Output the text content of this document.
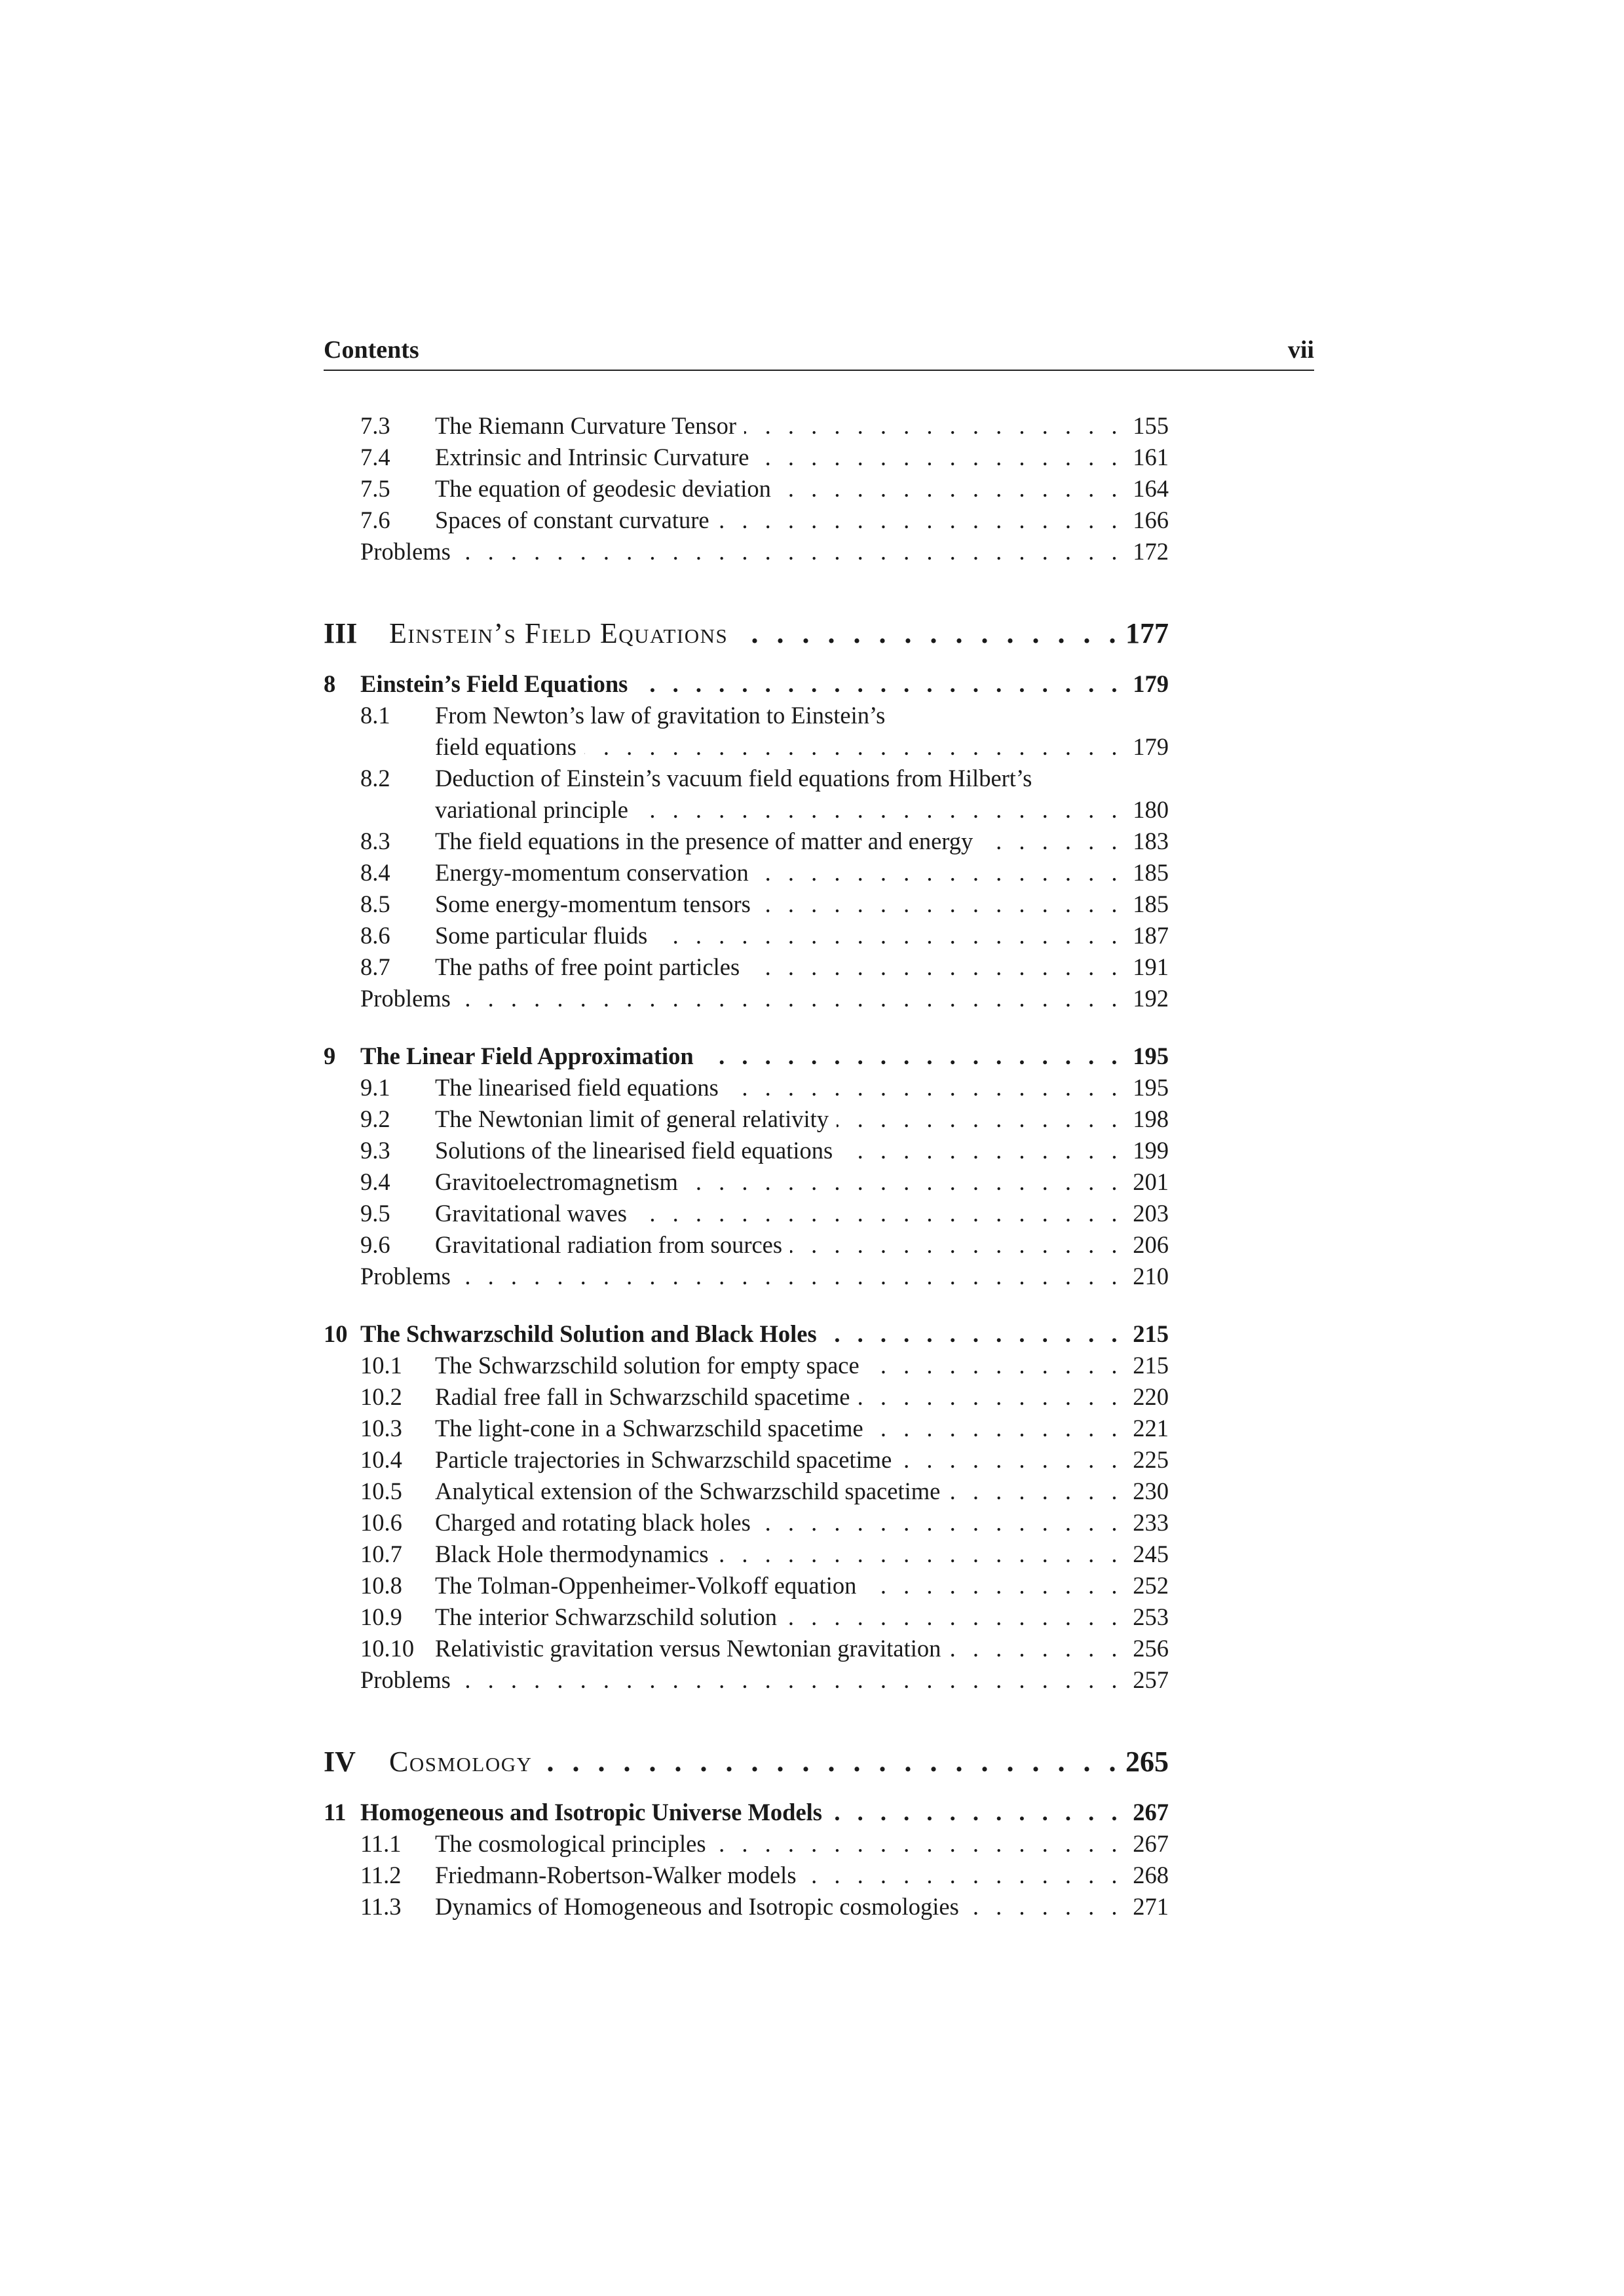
Contents	vii
7.3	The Riemann Curvature Tensor . . .	155
7.4	Extrinsic and Intrinsic Curvature . . .	161
7.5	The equation of geodesic deviation . . .	164
7.6	Spaces of constant curvature . . .	166
Problems . . .	172
III	Einstein’s Field Equations . . .	177
8	Einstein’s Field Equations . . .	179
8.1	From Newton’s law of gravitation to Einstein’s
field equations . . .	179
8.2	Deduction of Einstein’s vacuum field equations from Hilbert’s
variational principle . . .	180
8.3	The field equations in the presence of matter and energy . . .	183
8.4	Energy-momentum conservation . . .	185
8.5	Some energy-momentum tensors . . .	185
8.6	Some particular fluids . . .	187
8.7	The paths of free point particles . . .	191
Problems . . .	192
9	The Linear Field Approximation . . .	195
9.1	The linearised field equations . . .	195
9.2	The Newtonian limit of general relativity . . .	198
9.3	Solutions of the linearised field equations . . .	199
9.4	Gravitoelectromagnetism . . .	201
9.5	Gravitational waves . . .	203
9.6	Gravitational radiation from sources . . .	206
Problems . . .	210
10 The Schwarzschild Solution and Black Holes . . .	215
10.1	The Schwarzschild solution for empty space . . .	215
10.2	Radial free fall in Schwarzschild spacetime . . .	220
10.3	The light-cone in a Schwarzschild spacetime . . .	221
10.4	Particle trajectories in Schwarzschild spacetime . . .	225
10.5	Analytical extension of the Schwarzschild spacetime . . .	230
10.6	Charged and rotating black holes . . .	233
10.7	Black Hole thermodynamics . . .	245
10.8	The Tolman-Oppenheimer-Volkoff equation . . .	252
10.9	The interior Schwarzschild solution . . .	253
10.10 Relativistic gravitation versus Newtonian gravitation . . .	256
Problems . . .	257
IV	Cosmology . . .	265
11 Homogeneous and Isotropic Universe Models . . .	267
11.1	The cosmological principles . . .	267
11.2	Friedmann-Robertson-Walker models . . .	268
11.3	Dynamics of Homogeneous and Isotropic cosmologies . . .	271
